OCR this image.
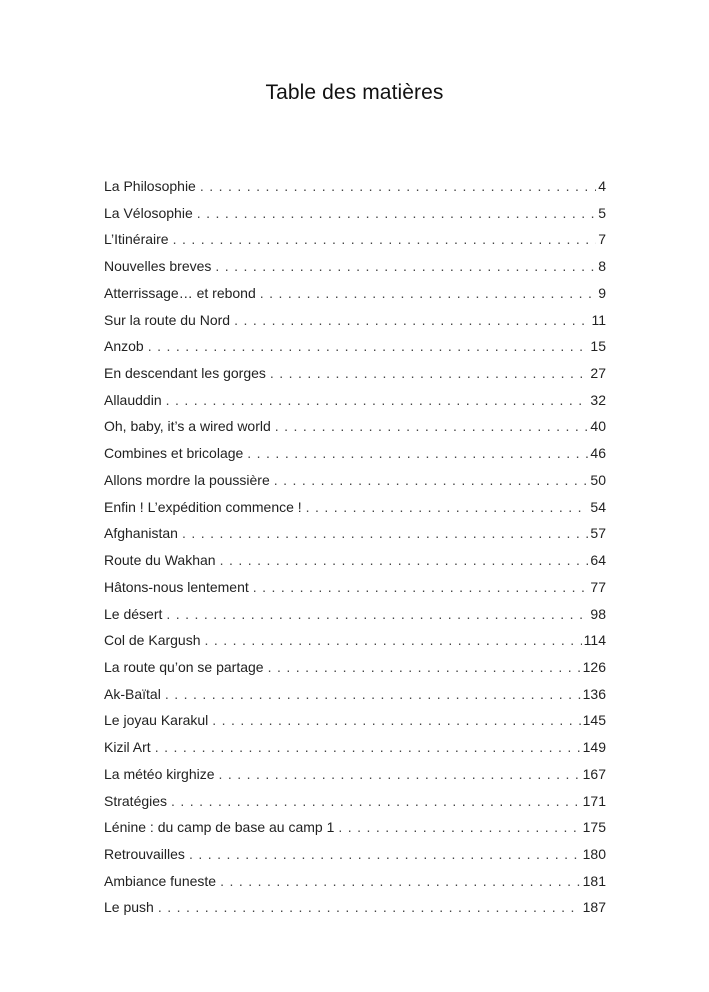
Table des matières
La Philosophie . . .	4
La Vélosophie . . .	5
L’Itinéraire . . .	7
Nouvelles breves . . .	8
Atterrissage… et rebond . . .	9
Sur la route du Nord . . .	11
Anzob . . .	15
En descendant les gorges . . .	27
Allauddin . . .	32
Oh, baby, it’s a wired world . . .	40
Combines et bricolage . . .	46
Allons mordre la poussière . . .	50
Enfin ! L’expédition commence ! . . .	54
Afghanistan . . .	57
Route du Wakhan . . .	64
Hâtons-nous lentement . . .	77
Le désert . . .	98
Col de Kargush . . .	114
La route qu’on se partage . . .	126
Ak-Baïtal . . .	136
Le joyau Karakul . . .	145
Kizil Art . . .	149
La météo kirghize . . .	167
Stratégies . . .	171
Lénine : du camp de base au camp 1 . . .	175
Retrouvailles . . .	180
Ambiance funeste . . .	181
Le push . . .	187
